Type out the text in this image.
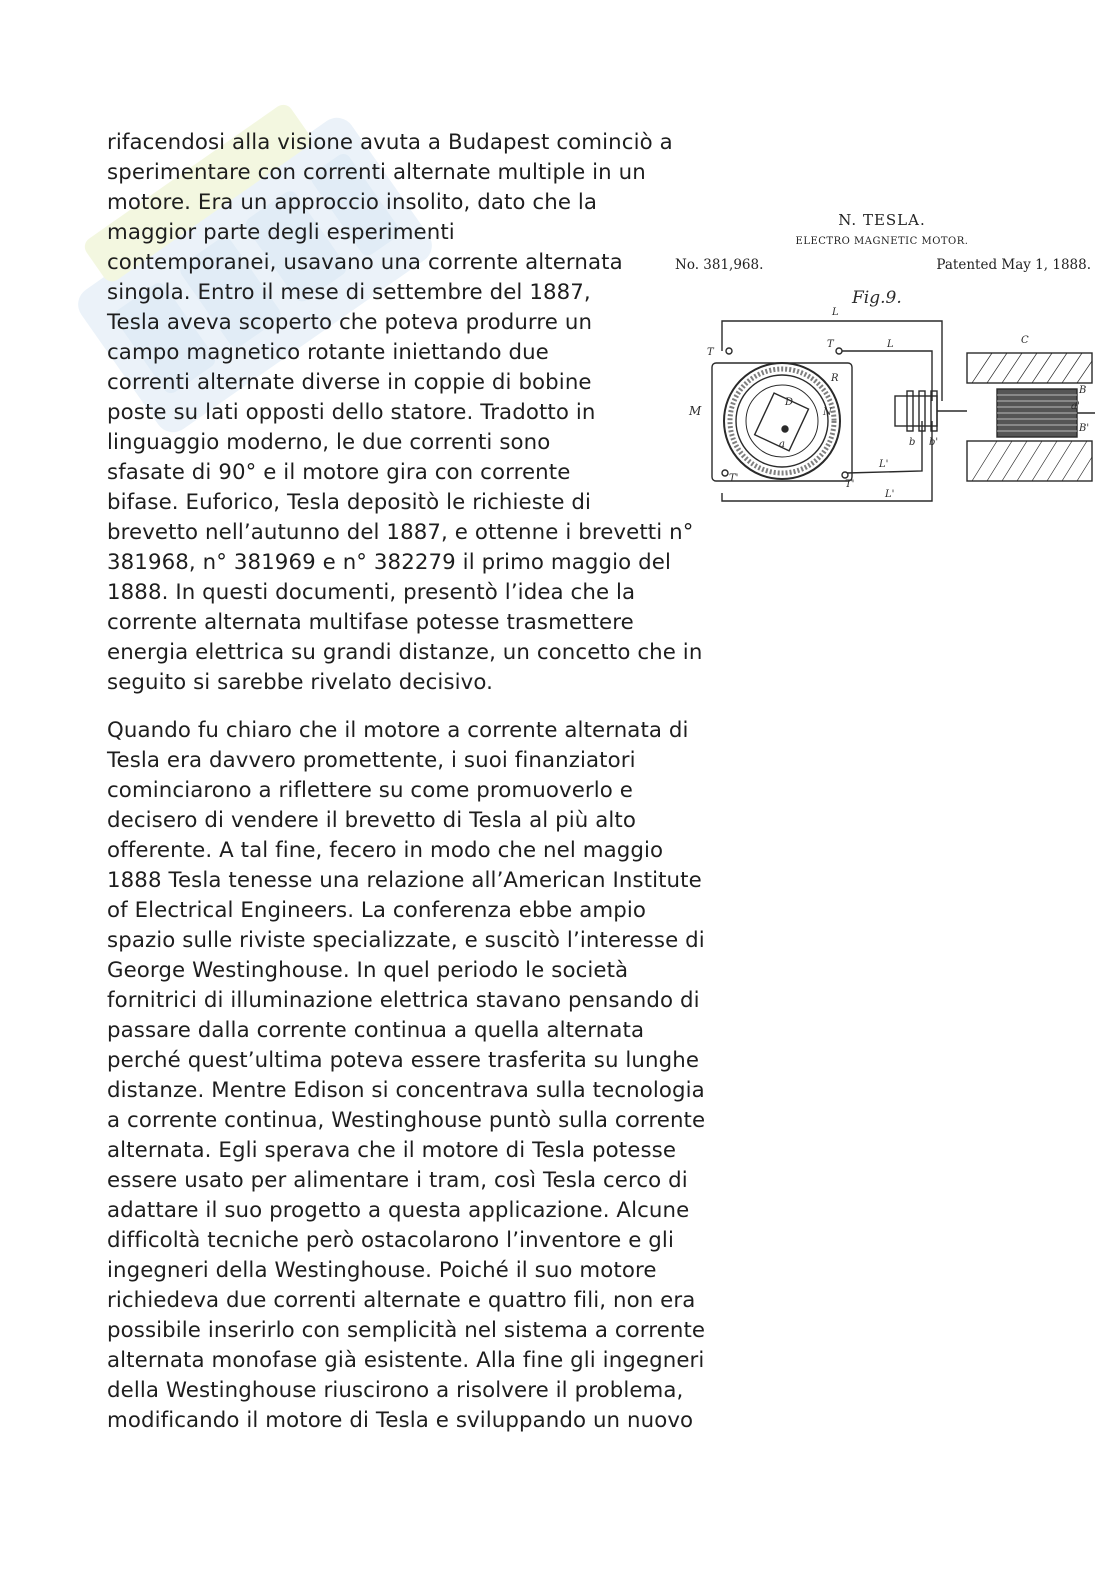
N. TESLA.
ELECTRO MAGNETIC MOTOR.
No. 381,968.	Patented May 1, 1888.
Fig.9.
L
L
T
T
T'
T'
L'
L'
M
C
D
R
N
a
B
B'
a'
b b'

rifacendosi alla visione avuta a Budapest cominciò a
sperimentare con correnti alternate multiple in un
motore. Era un approccio insolito, dato che la
maggior parte degli esperimenti
contemporanei, usavano una corrente alternata
singola. Entro il mese di settembre del 1887,
Tesla aveva scoperto che poteva produrre un
campo magnetico rotante iniettando due
correnti alternate diverse in coppie di bobine
poste su lati opposti dello statore. Tradotto in
linguaggio moderno, le due correnti sono
sfasate di 90° e il motore gira con corrente
bifase. Euforico, Tesla depositò le richieste di
brevetto nell’autunno del 1887, e ottenne i brevetti n°
381968, n° 381969 e n° 382279 il primo maggio del
1888. In questi documenti, presentò l’idea che la
corrente alternata multifase potesse trasmettere
energia elettrica su grandi distanze, un concetto che in
seguito si sarebbe rivelato decisivo.

Quando fu chiaro che il motore a corrente alternata di
Tesla era davvero promettente, i suoi finanziatori
cominciarono a riflettere su come promuoverlo e
decisero di vendere il brevetto di Tesla al più alto
offerente. A tal fine, fecero in modo che nel maggio
1888 Tesla tenesse una relazione all’American Institute
of Electrical Engineers. La conferenza ebbe ampio
spazio sulle riviste specializzate, e suscitò l’interesse di
George Westinghouse. In quel periodo le società
fornitrici di illuminazione elettrica stavano pensando di
passare dalla corrente continua a quella alternata
perché quest’ultima poteva essere trasferita su lunghe
distanze. Mentre Edison si concentrava sulla tecnologia
a corrente continua, Westinghouse puntò sulla corrente
alternata. Egli sperava che il motore di Tesla potesse
essere usato per alimentare i tram, così Tesla cerco di
adattare il suo progetto a questa applicazione. Alcune
difficoltà tecniche però ostacolarono l’inventore e gli
ingegneri della Westinghouse. Poiché il suo motore
richiedeva due correnti alternate e quattro fili, non era
possibile inserirlo con semplicità nel sistema a corrente
alternata monofase già esistente. Alla fine gli ingegneri
della Westinghouse riuscirono a risolvere il problema,
modificando il motore di Tesla e sviluppando un nuovo
